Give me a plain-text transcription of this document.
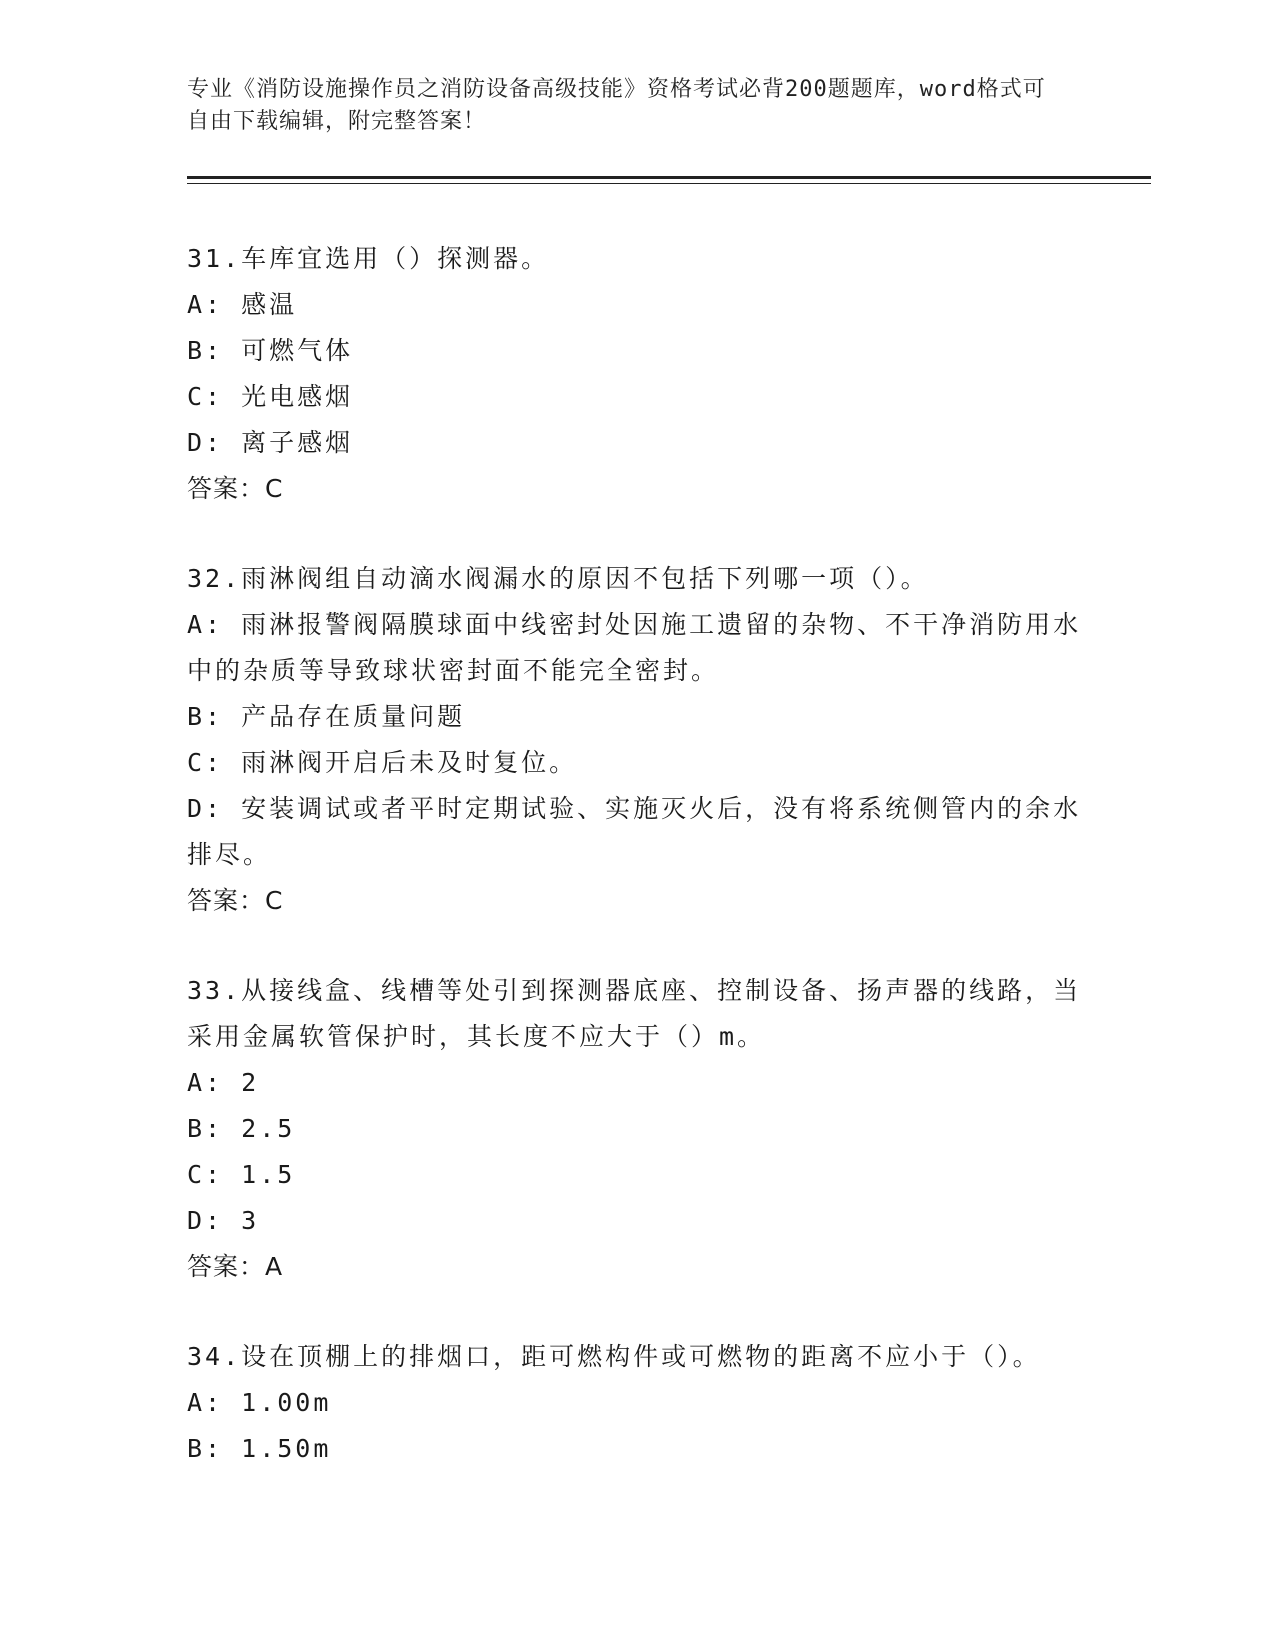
专业《消防设施操作员之消防设备高级技能》资格考试必背200题题库，word格式可自由下载编辑，附完整答案！

31.车库宜选用（）探测器。

A: 感温

B: 可燃气体

C: 光电感烟

D: 离子感烟

答案：C

32.雨淋阀组自动滴水阀漏水的原因不包括下列哪一项（）。

A: 雨淋报警阀隔膜球面中线密封处因施工遗留的杂物、不干净消防用水中的杂质等导致球状密封面不能完全密封。

B: 产品存在质量问题

C: 雨淋阀开启后未及时复位。

D: 安装调试或者平时定期试验、实施灭火后，没有将系统侧管内的余水排尽。

答案：C

33.从接线盒、线槽等处引到探测器底座、控制设备、扬声器的线路，当采用金属软管保护时，其长度不应大于（）m。

A: 2

B: 2.5

C: 1.5

D: 3

答案：A

34.设在顶棚上的排烟口，距可燃构件或可燃物的距离不应小于（）。

A: 1.00m

B: 1.50m
